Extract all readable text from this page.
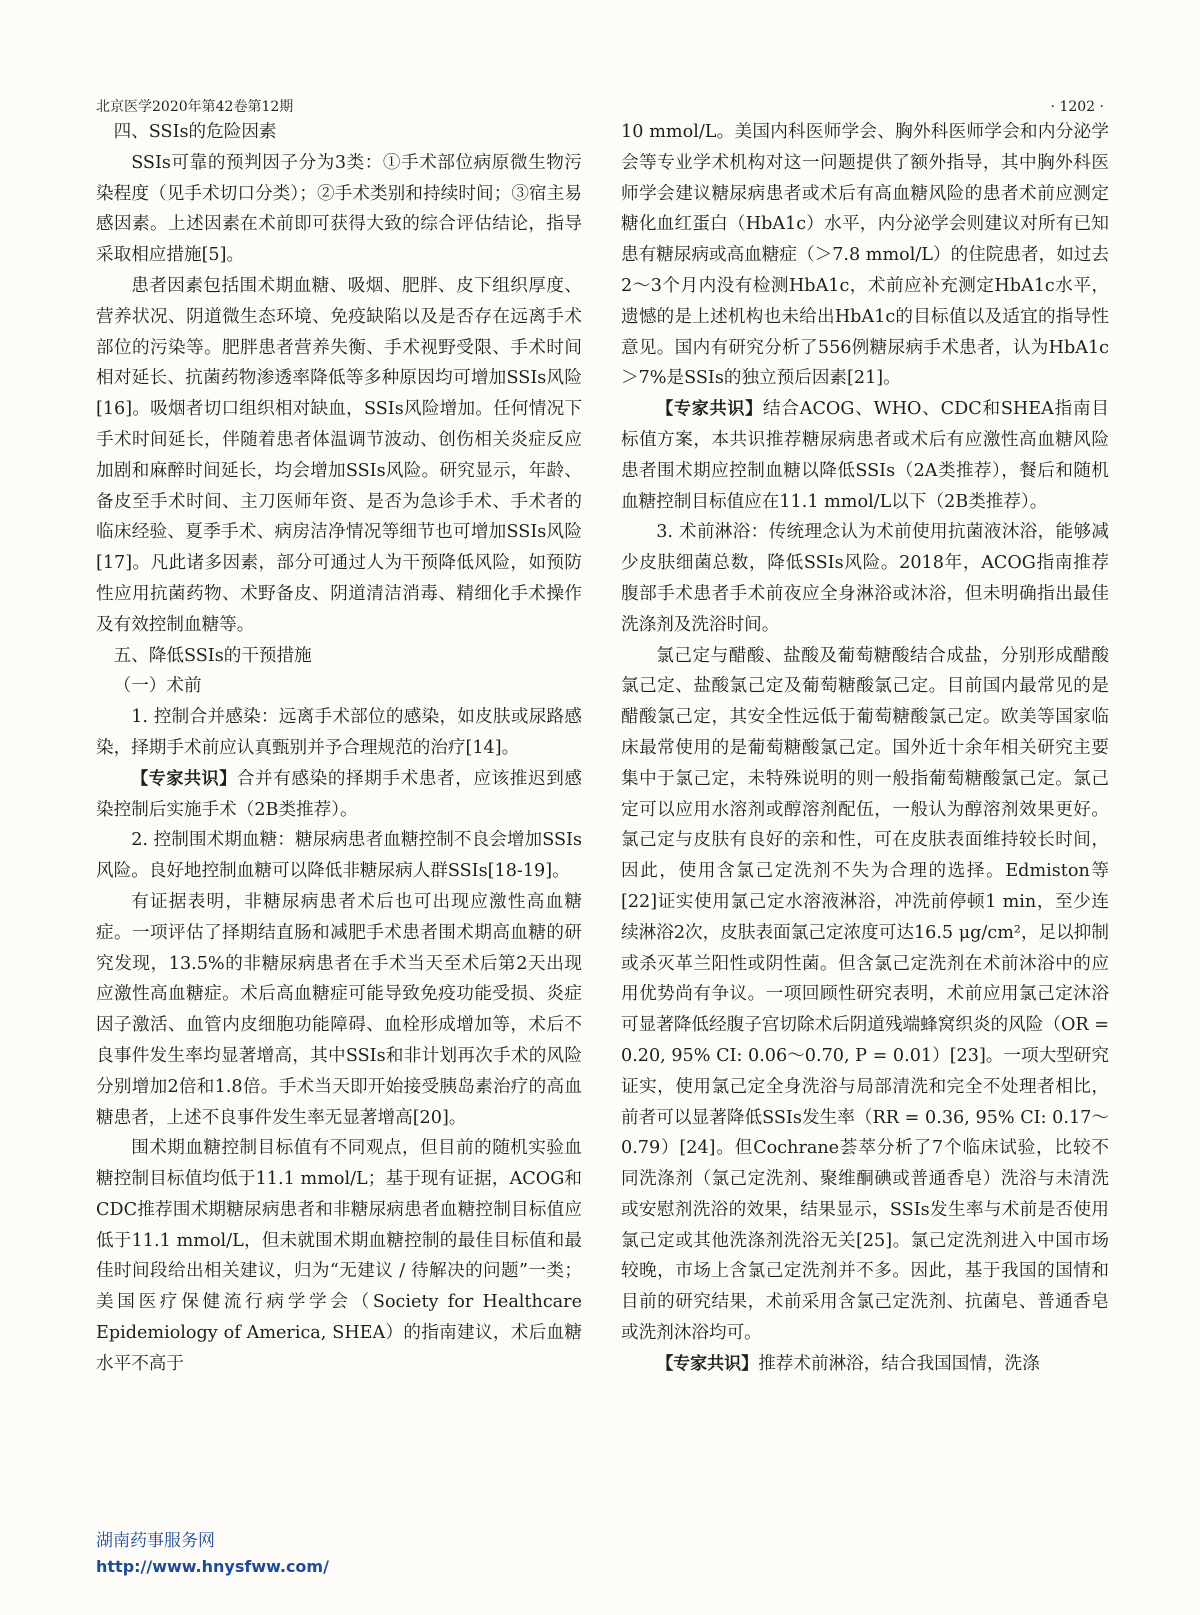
北京医学2020年第42卷第12期	· 1202 ·
四、SSIs的危险因素

SSIs可靠的预判因子分为3类：①手术部位病原微生物污染程度（见手术切口分类）；②手术类别和持续时间；③宿主易感因素。上述因素在术前即可获得大致的综合评估结论，指导采取相应措施[5]。

患者因素包括围术期血糖、吸烟、肥胖、皮下组织厚度、营养状况、阴道微生态环境、免疫缺陷以及是否存在远离手术部位的污染等。肥胖患者营养失衡、手术视野受限、手术时间相对延长、抗菌药物渗透率降低等多种原因均可增加SSIs风险[16]。吸烟者切口组织相对缺血，SSIs风险增加。任何情况下手术时间延长，伴随着患者体温调节波动、创伤相关炎症反应加剧和麻醉时间延长，均会增加SSIs风险。研究显示，年龄、备皮至手术时间、主刀医师年资、是否为急诊手术、手术者的临床经验、夏季手术、病房洁净情况等细节也可增加SSIs风险[17]。凡此诸多因素，部分可通过人为干预降低风险，如预防性应用抗菌药物、术野备皮、阴道清洁消毒、精细化手术操作及有效控制血糖等。

五、降低SSIs的干预措施
（一）术前

1. 控制合并感染：远离手术部位的感染，如皮肤或尿路感染，择期手术前应认真甄别并予合理规范的治疗[14]。

【专家共识】合并有感染的择期手术患者，应该推迟到感染控制后实施手术（2B类推荐）。

2. 控制围术期血糖：糖尿病患者血糖控制不良会增加SSIs风险。良好地控制血糖可以降低非糖尿病人群SSIs[18-19]。

有证据表明，非糖尿病患者术后也可出现应激性高血糖症。一项评估了择期结直肠和减肥手术患者围术期高血糖的研究发现，13.5%的非糖尿病患者在手术当天至术后第2天出现应激性高血糖症。术后高血糖症可能导致免疫功能受损、炎症因子激活、血管内皮细胞功能障碍、血栓形成增加等，术后不良事件发生率均显著增高，其中SSIs和非计划再次手术的风险分别增加2倍和1.8倍。手术当天即开始接受胰岛素治疗的高血糖患者，上述不良事件发生率无显著增高[20]。

围术期血糖控制目标值有不同观点，但目前的随机实验血糖控制目标值均低于11.1 mmol/L；基于现有证据，ACOG和CDC推荐围术期糖尿病患者和非糖尿病患者血糖控制目标值应低于11.1 mmol/L，但未就围术期血糖控制的最佳目标值和最佳时间段给出相关建议，归为“无建议 / 待解决的问题”一类；美国医疗保健流行病学学会（Society for Healthcare Epidemiology of America, SHEA）的指南建议，术后血糖水平不高于

10 mmol/L。美国内科医师学会、胸外科医师学会和内分泌学会等专业学术机构对这一问题提供了额外指导，其中胸外科医师学会建议糖尿病患者或术后有高血糖风险的患者术前应测定糖化血红蛋白（HbA1c）水平，内分泌学会则建议对所有已知患有糖尿病或高血糖症（＞7.8 mmol/L）的住院患者，如过去2～3个月内没有检测HbA1c，术前应补充测定HbA1c水平，遗憾的是上述机构也未给出HbA1c的目标值以及适宜的指导性意见。国内有研究分析了556例糖尿病手术患者，认为HbA1c＞7%是SSIs的独立预后因素[21]。

【专家共识】结合ACOG、WHO、CDC和SHEA指南目标值方案，本共识推荐糖尿病患者或术后有应激性高血糖风险患者围术期应控制血糖以降低SSIs（2A类推荐），餐后和随机血糖控制目标值应在11.1 mmol/L以下（2B类推荐）。

3. 术前淋浴：传统理念认为术前使用抗菌液沐浴，能够减少皮肤细菌总数，降低SSIs风险。2018年，ACOG指南推荐腹部手术患者手术前夜应全身淋浴或沐浴，但未明确指出最佳洗涤剂及洗浴时间。

氯己定与醋酸、盐酸及葡萄糖酸结合成盐，分别形成醋酸氯己定、盐酸氯己定及葡萄糖酸氯己定。目前国内最常见的是醋酸氯己定，其安全性远低于葡萄糖酸氯己定。欧美等国家临床最常使用的是葡萄糖酸氯己定。国外近十余年相关研究主要集中于氯己定，未特殊说明的则一般指葡萄糖酸氯己定。氯己定可以应用水溶剂或醇溶剂配伍，一般认为醇溶剂效果更好。氯己定与皮肤有良好的亲和性，可在皮肤表面维持较长时间，因此，使用含氯己定洗剂不失为合理的选择。Edmiston等[22]证实使用氯己定水溶液淋浴，冲洗前停顿1 min，至少连续淋浴2次，皮肤表面氯己定浓度可达16.5 μg/cm²，足以抑制或杀灭革兰阳性或阴性菌。但含氯己定洗剂在术前沐浴中的应用优势尚有争议。一项回顾性研究表明，术前应用氯己定沐浴可显著降低经腹子宫切除术后阴道残端蜂窝织炎的风险（OR = 0.20, 95% CI: 0.06～0.70, P = 0.01）[23]。一项大型研究证实，使用氯己定全身洗浴与局部清洗和完全不处理者相比，前者可以显著降低SSIs发生率（RR = 0.36, 95% CI: 0.17～0.79）[24]。但Cochrane荟萃分析了7个临床试验，比较不同洗涤剂（氯己定洗剂、聚维酮碘或普通香皂）洗浴与未清洗或安慰剂洗浴的效果，结果显示，SSIs发生率与术前是否使用氯己定或其他洗涤剂洗浴无关[25]。氯己定洗剂进入中国市场较晚，市场上含氯己定洗剂并不多。因此，基于我国的国情和目前的研究结果，术前采用含氯己定洗剂、抗菌皂、普通香皂或洗剂沐浴均可。

【专家共识】推荐术前淋浴，结合我国国情，洗涤

湖南药事服务网
http://www.hnysfww.com/
